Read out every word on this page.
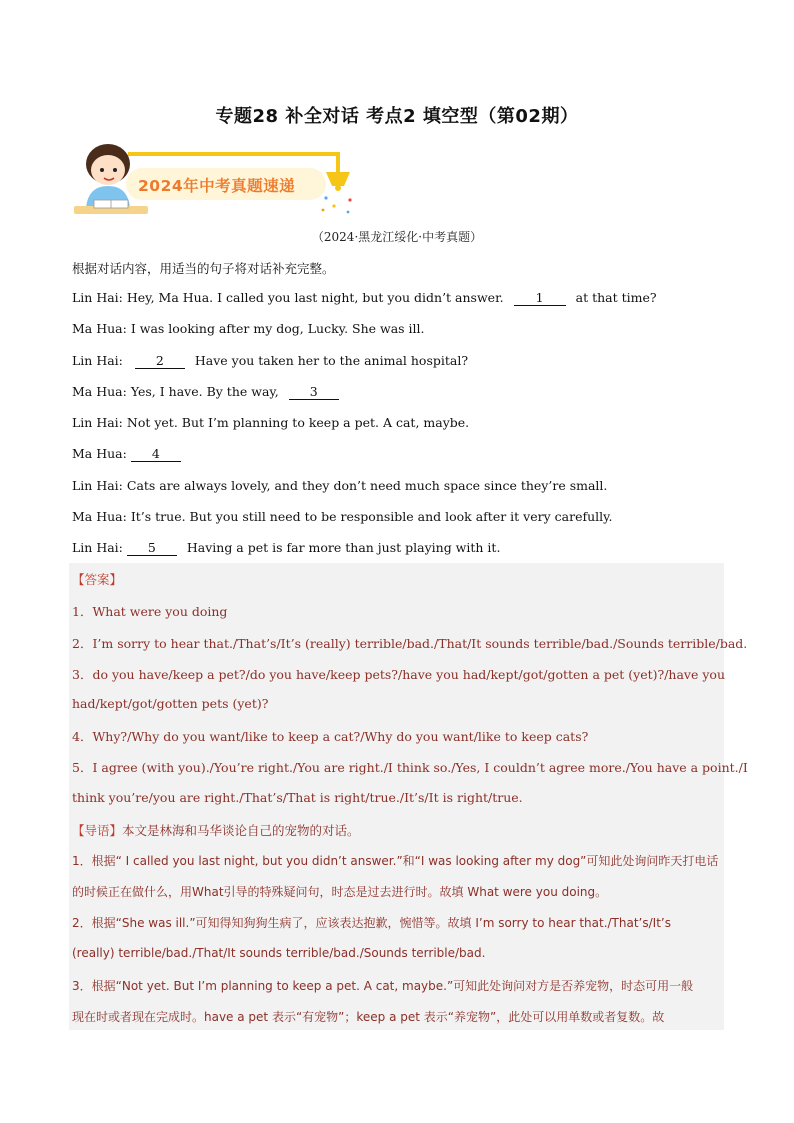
专题28 补全对话 考点2 填空型（第02期）
2024年中考真题速递
（2024·黑龙江绥化·中考真题）
根据对话内容，用适当的句子将对话补充完整。
Lin Hai: Hey, Ma Hua. I called you last night, but you didn’t answer.	1	at that time?
Ma Hua: I was looking after my dog, Lucky. She was ill.
Lin Hai:	2 Have you taken her to the animal hospital?
Ma Hua: Yes, I have. By the way, 3
Lin Hai: Not yet. But I’m planning to keep a pet. A cat, maybe.
Ma Hua: 4
Lin Hai: Cats are always lovely, and they don’t need much space since they’re small.
Ma Hua: It’s true. But you still need to be responsible and look after it very carefully.
Lin Hai: 5 Having a pet is far more than just playing with it.
【答案】
1．What were you doing
2．I’m sorry to hear that./That’s/It’s (really) terrible/bad./That/It sounds terrible/bad./Sounds terrible/bad.
3．do you have/keep a pet?/do you have/keep pets?/have you had/kept/got/gotten a pet (yet)?/have you
had/kept/got/gotten pets (yet)?
4．Why?/Why do you want/like to keep a cat?/Why do you want/like to keep cats?
5．I agree (with you)./You’re right./You are right./I think so./Yes, I couldn’t agree more./You have a point./I
think you’re/you are right./That’s/That is right/true./It’s/It is right/true.
【导语】本文是林海和马华谈论自己的宠物的对话。
1．根据“ I called you last night, but you didn’t answer.”和“I was looking after my dog”可知此处询问昨天打电话
的时候正在做什么，用What引导的特殊疑问句，时态是过去进行时。故填 What were you doing。
2．根据“She was ill.”可知得知狗狗生病了，应该表达抱歉，惋惜等。故填 I’m sorry to hear that./That’s/It’s
(really) terrible/bad./That/It sounds terrible/bad./Sounds terrible/bad.
3．根据“Not yet. But I’m planning to keep a pet. A cat, maybe.”可知此处询问对方是否养宠物，时态可用一般
现在时或者现在完成时。have a pet 表示“有宠物”；keep a pet 表示“养宠物”，此处可以用单数或者复数。故
